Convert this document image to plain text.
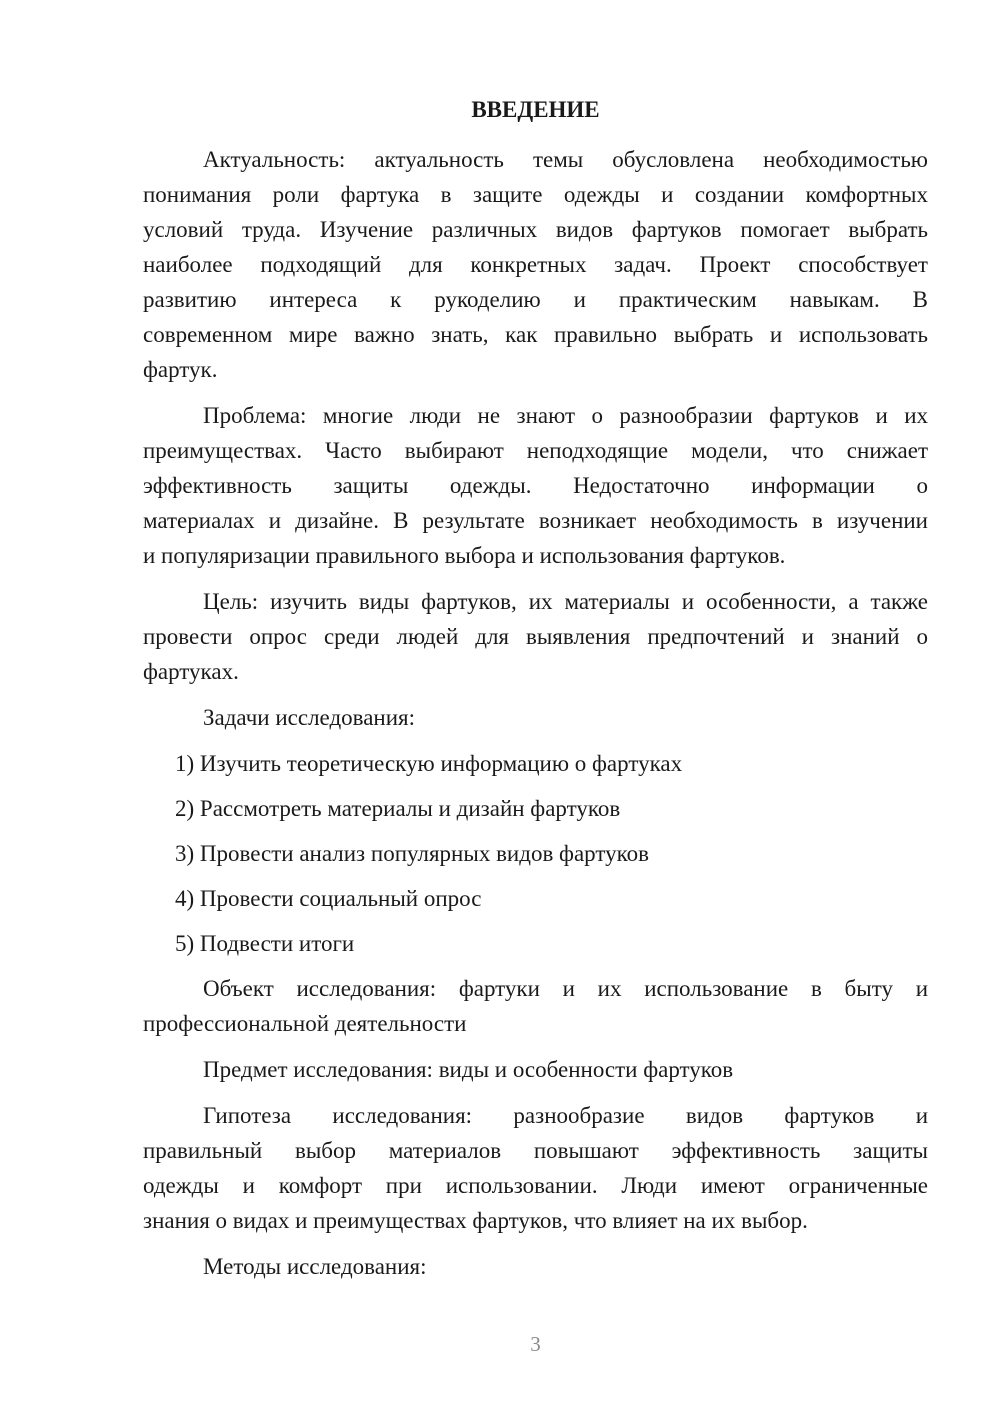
ВВЕДЕНИЕ
Актуальность: актуальность темы обусловлена необходимостью
понимания роли фартука в защите одежды и создании комфортных
условий труда. Изучение различных видов фартуков помогает выбрать
наиболее подходящий для конкретных задач. Проект способствует
развитию интереса к рукоделию и практическим навыкам. В
современном мире важно знать, как правильно выбрать и использовать
фартук.
Проблема: многие люди не знают о разнообразии фартуков и их
преимуществах. Часто выбирают неподходящие модели, что снижает
эффективность защиты одежды. Недостаточно информации о
материалах и дизайне. В результате возникает необходимость в изучении
и популяризации правильного выбора и использования фартуков.
Цель: изучить виды фартуков, их материалы и особенности, а также
провести опрос среди людей для выявления предпочтений и знаний о
фартуках.
Задачи исследования:
1) Изучить теоретическую информацию о фартуках
2) Рассмотреть материалы и дизайн фартуков
3) Провести анализ популярных видов фартуков
4) Провести социальный опрос
5) Подвести итоги
Объект исследования: фартуки и их использование в быту и
профессиональной деятельности
Предмет исследования: виды и особенности фартуков
Гипотеза исследования: разнообразие видов фартуков и
правильный выбор материалов повышают эффективность защиты
одежды и комфорт при использовании. Люди имеют ограниченные
знания о видах и преимуществах фартуков, что влияет на их выбор.
Методы исследования:
3
